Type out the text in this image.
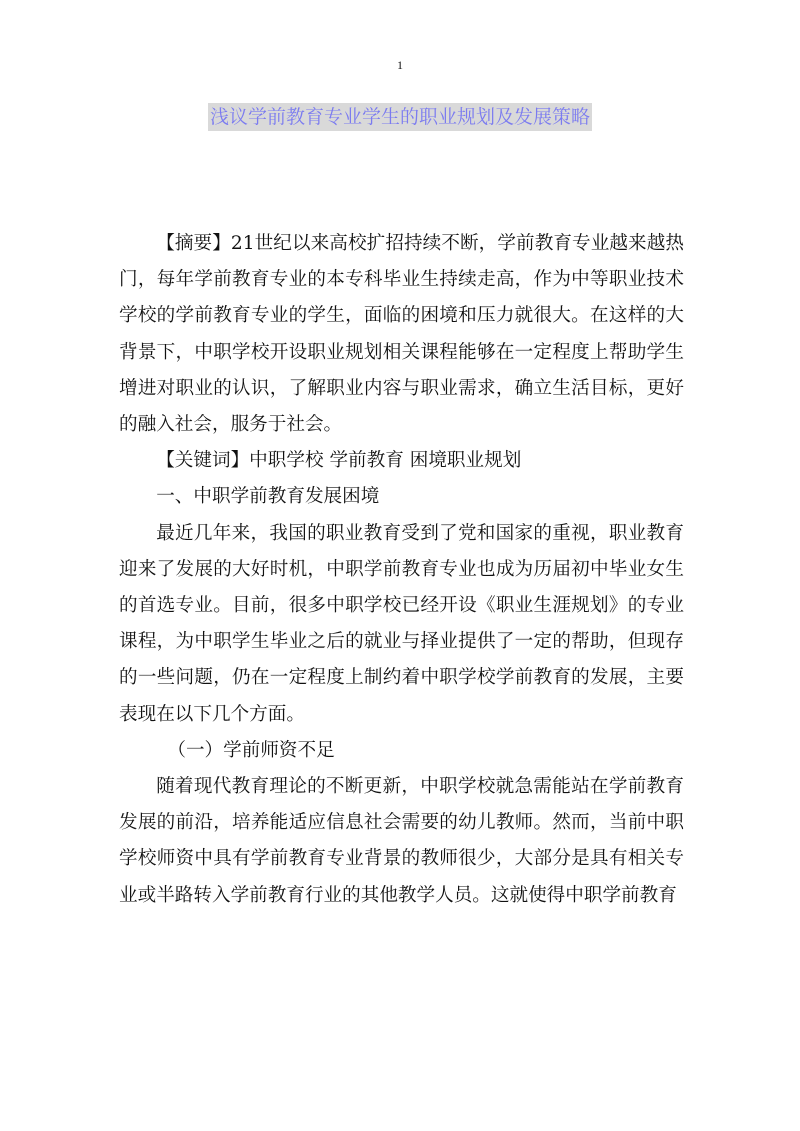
1
浅议学前教育专业学生的职业规划及发展策略

【摘要】21世纪以来高校扩招持续不断，学前教育专业越来越热门，每年学前教育专业的本专科毕业生持续走高，作为中等职业技术学校的学前教育专业的学生，面临的困境和压力就很大。在这样的大背景下，中职学校开设职业规划相关课程能够在一定程度上帮助学生增进对职业的认识，了解职业内容与职业需求，确立生活目标，更好的融入社会，服务于社会。

【关键词】中职学校 学前教育 困境职业规划

一、中职学前教育发展困境

最近几年来，我国的职业教育受到了党和国家的重视，职业教育迎来了发展的大好时机，中职学前教育专业也成为历届初中毕业女生的首选专业。目前，很多中职学校已经开设《职业生涯规划》的专业课程，为中职学生毕业之后的就业与择业提供了一定的帮助，但现存的一些问题，仍在一定程度上制约着中职学校学前教育的发展，主要表现在以下几个方面。

（一）学前师资不足

随着现代教育理论的不断更新，中职学校就急需能站在学前教育发展的前沿，培养能适应信息社会需要的幼儿教师。然而，当前中职学校师资中具有学前教育专业背景的教师很少，大部分是具有相关专业或半路转入学前教育行业的其他教学人员。这就使得中职学前教育
